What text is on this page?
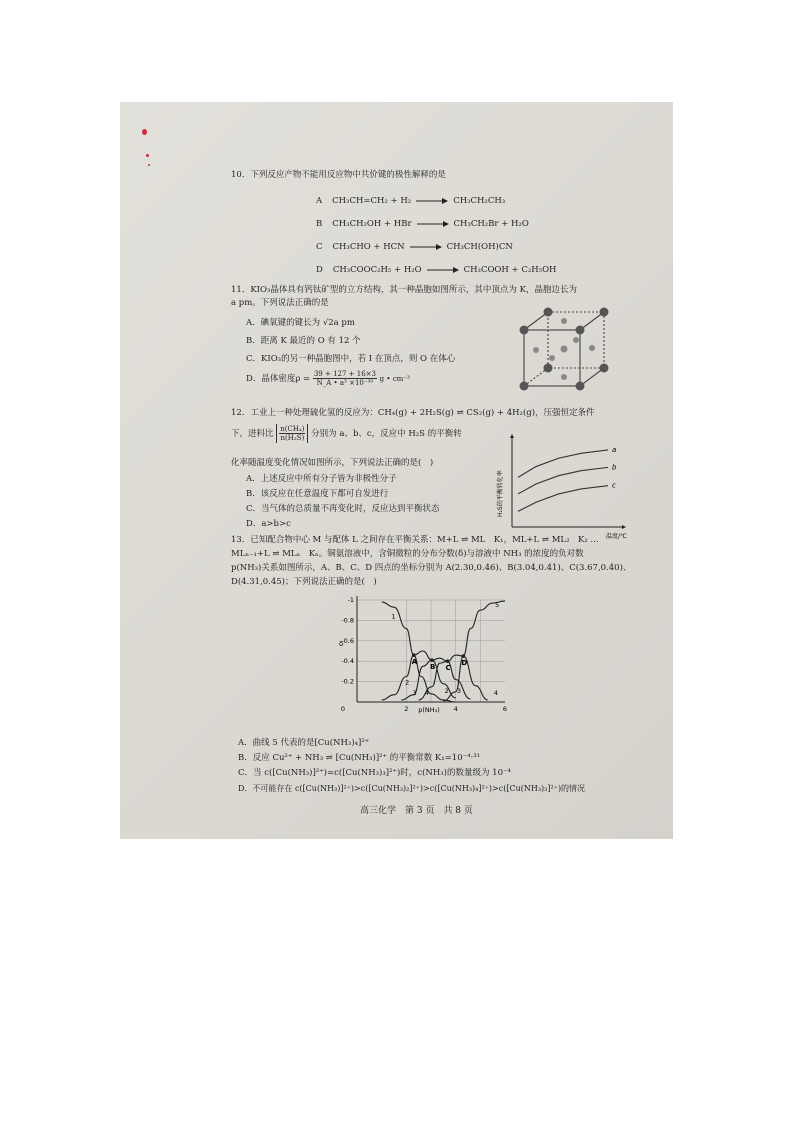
10．下列反应产物不能用反应物中共价键的极性解释的是
A CH₃CH=CH₂ + H₂	CH₃CH₂CH₃
B CH₃CH₂OH + HBr	CH₃CH₂Br + H₂O
C CH₃CHO + HCN	CH₃CH(OH)CN
D CH₃COOC₂H₅ + H₂O	CH₃COOH + C₂H₅OH
11．KIO₃晶体具有钙钛矿型的立方结构，其一种晶胞如图所示，其中顶点为 K，晶胞边长为
a pm。下列说法正确的是
A．碘氧键的键长为 √2a pm
B．距离 K 最近的 O 有 12 个
C．KIO₃的另一种晶胞图中，若 I 在顶点，则 O 在体心
D．晶体密度$\rho = \frac{39 + 127 + 16\times 3}{\text{N\_A • a³ ×10⁻³⁰}}$ g • cm⁻³
12．工业上一种处理硫化氢的反应为：CH₄(g) + 2H₂S(g) ⇌ CS₂(g) + 4H₂(g)，压强恒定条件
下，进料比 $\frac{\text{n(CH₄)}}{\text{n(H₂S)}}$ 分别为 a、b、c，反应中 H₂S 的平衡转
化率随温度变化情况如图所示，下列说法正确的是(　)
A．上述反应中所有分子皆为非极性分子
B．该反应在任意温度下都可自发进行
C．当气体的总质量不再变化时，反应达到平衡状态
D．a>b>c
H₂S的平衡转化率
温度/℃
a
b
c
13．已知配合物中心 M 与配体 L 之间存在平衡关系：M+L ⇌ ML　K₁，ML+L ⇌ ML₂　K₂ …
MLₙ₋₁+L ⇌ MLₙ　Kₙ。铜氨溶液中，含铜微粒的分布分数(δ)与溶液中 NH₃ 的浓度的负对数
p(NH₃)关系如图所示，A、B、C、D 四点的坐标分别为 A(2.30,0.46)、B(3.04,0.41)、C(3.67,0.40)、
D(4.31,0.45)；下列说法正确的是(　)
-0.2
-0.4
-0.6
-0.8
-1
0	2	4	6
δ
p(NH₃)
1
2
3 4
5
2 3	4
A
B C
D
A．曲线 5 代表的是[Cu(NH₃)₄]²⁺
B．反应 Cu²⁺ + NH₃ ⇌ [Cu(NH₃)]²⁺ 的平衡常数 K₁=10⁻⁴·³¹
C．当 c([Cu(NH₃)]²⁺)=c([Cu(NH₃)₃]²⁺)时，c(NH₃)的数量级为 10⁻⁴
D．不可能存在 c([Cu(NH₃)]²⁺)>c([Cu(NH₃)₂]²⁺)>c([Cu(NH₃)₄]²⁺)>c([Cu(NH₃)₃]²⁺)的情况
高三化学　第 3 页　共 8 页
